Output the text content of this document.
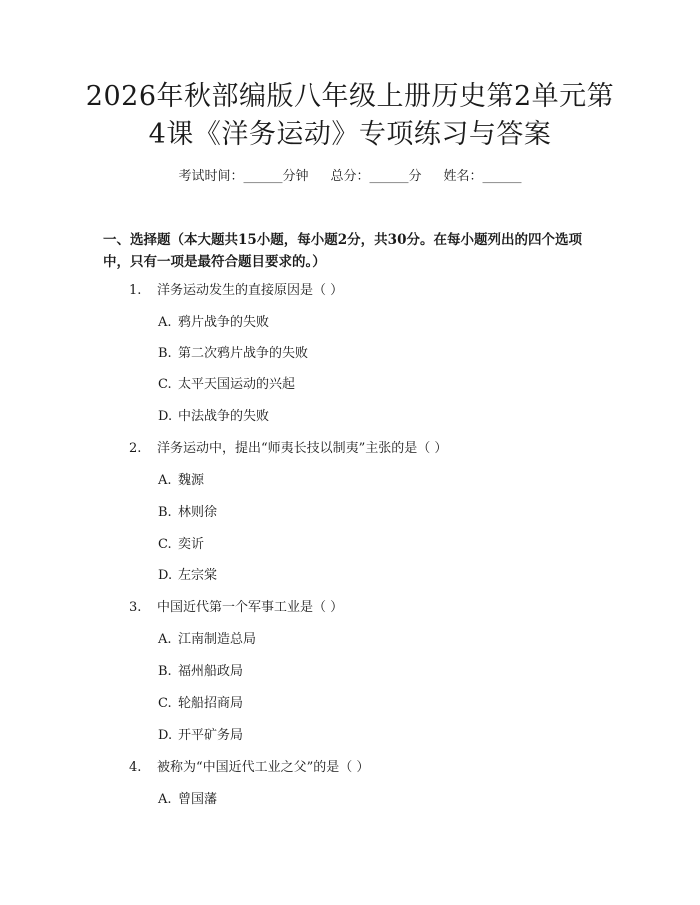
2026年秋部编版八年级上册历史第2单元第
4课《洋务运动》专项练习与答案
考试时间：______分钟 总分：______分 姓名：______
一、选择题（本大题共15小题，每小题2分，共30分。在每小题列出的四个选项中，只有一项是最符合题目要求的。）
1. 洋务运动发生的直接原因是（ ）
A. 鸦片战争的失败
B. 第二次鸦片战争的失败
C. 太平天国运动的兴起
D. 中法战争的失败
2. 洋务运动中，提出“师夷长技以制夷”主张的是（ ）
A. 魏源
B. 林则徐
C. 奕䜣
D. 左宗棠
3. 中国近代第一个军事工业是（ ）
A. 江南制造总局
B. 福州船政局
C. 轮船招商局
D. 开平矿务局
4. 被称为“中国近代工业之父”的是（ ）
A. 曾国藩
